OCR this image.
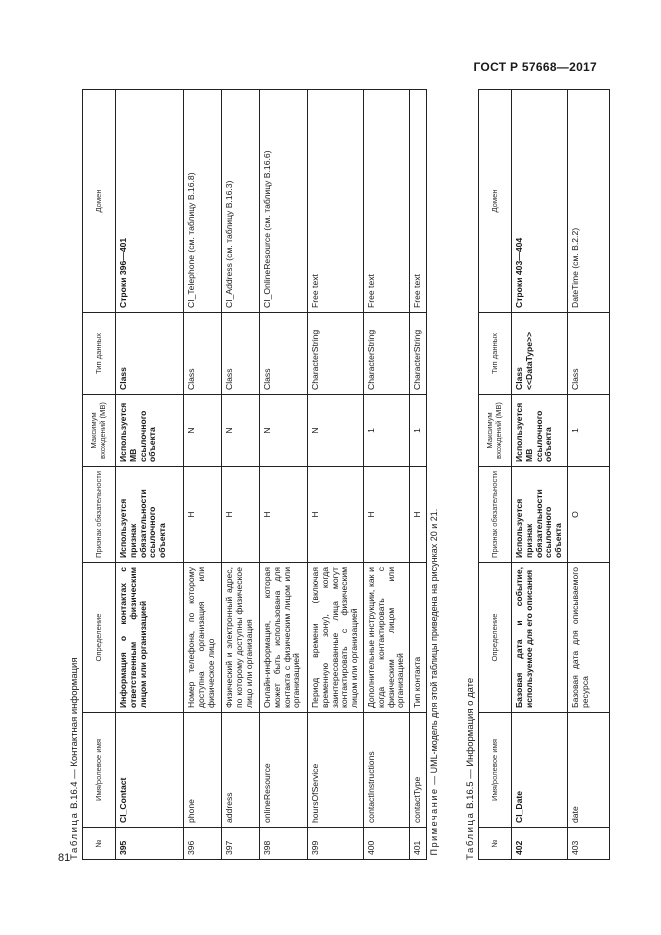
ГОСТ Р 57668—2017

Таблица В.16.4 — Контактная информация

№	Имя/ролевое имя	Определение	Признак обязательности	Максимум вхождений (МВ)	Тип данных	Домен
395	CI_Contact	Информация о контактах с ответственным физическим лицом или организацией	Используется признак обязательности ссылочного объекта	Используется МВ ссылочного объекта	Class	Строки 396—401
396	phone	Номер телефона, по которому доступна организация или физическое лицо	Н	N	Class	CI_Telephone (см. таблицу В.16.8)
397	address	Физический и электронный адрес, по которому доступны физическое лицо или организация	Н	N	Class	CI_Address (см. таблицу В.16.3)
398	onlineResource	Онлайн-информация, которая может быть использована для контакта с физическим лицом или организацией	Н	N	Class	CI_OnlineResource (см. таблицу В.16.6)
399	hoursOfService	Период времени (включая временную зону), когда заинтересованные лица могут контактировать с физическим лицом или организацией	Н	N	CharacterString	Free text
400	contactInstructions	Дополнительные инструкции, как и когда контактировать с физическим лицом или организацией	Н	1	CharacterString	Free text
401	contactType	Тип контакта	Н	1	CharacterString	Free text
Примечание — UML-модель для этой таблицы приведена на рисунках 20 и 21.						

Таблица В.16.5 — Информация о дате

№	Имя/ролевое имя	Определение	Признак обязательности	Максимум вхождений (МВ)	Тип данных	Домен
402	CI_Date	Базовая дата и событие, используемое для его описания	Используется признак обязательности ссылочного объекта	Используется МВ ссылочного объекта	Class <<DataType>>	Строки 403—404
403	date	Базовая дата для описываемого ресурса	О	1	Class	DateTime (см. В.2.2)
81
